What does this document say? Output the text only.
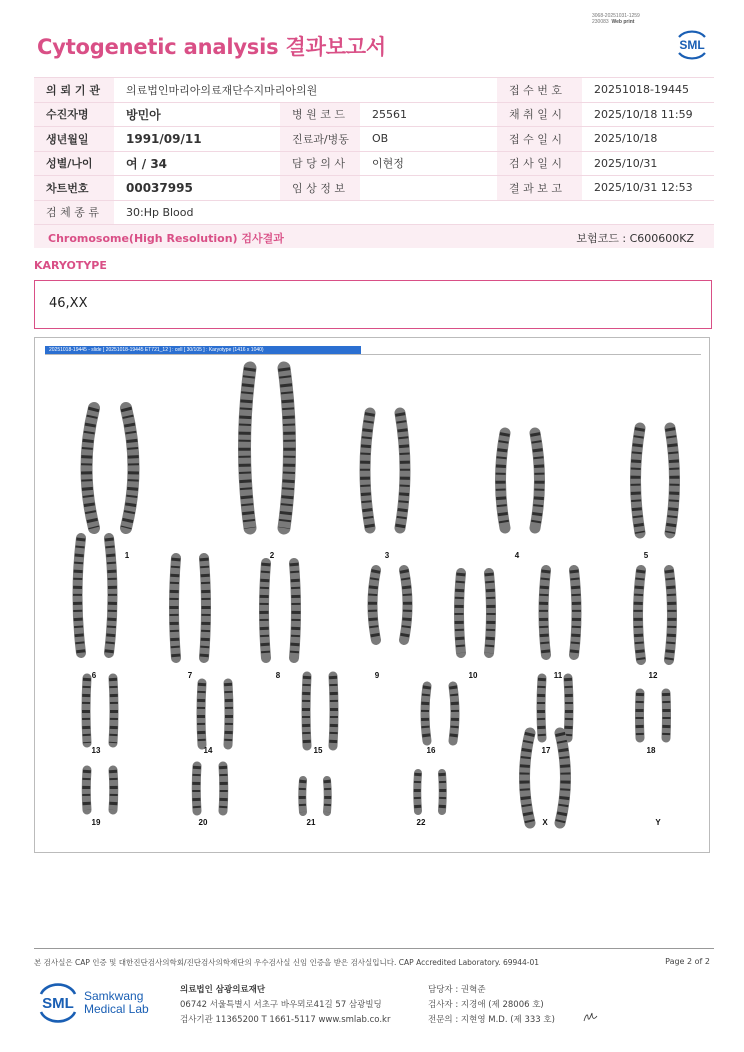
3068-20251031-1259
230083 Web print
Cytogenetic analysis 결과보고서	SML
의 뢰 기 관	의료법인마리아의료재단수지마리아의원			접 수 번 호	20251018-19445
수진자명	방민아	병 원 코 드	25561	채 취 일 시	2025/10/18 11:59
생년월일	1991/09/11	진료과/병동	OB	접 수 일 시	2025/10/18
성별/나이	여 / 34	담 당 의 사	이현정	검 사 일 시	2025/10/31
차트번호	00037995	임 상 정 보		결 과 보 고	2025/10/31 12:53
검 체 종 류	30:Hp Blood				
Chromosome(High Resolution) 검사결과	보험코드 : C600600KZ
KARYOTYPE
46,XX
20251018-19445 - slide [ 20251018-19445 ET721_12 ] : cell [ 30/105 ] : Karyotype (1416 x 1040)
1	2	3	4	5
6	7	8	9	10	11	12
13	14	15	16	17	18
19	20	21	22	X	Y
본 검사실은 CAP 인증 및 대한진단검사의학회/진단검사의학재단의 우수검사실 신임 인증을 받은 검사실입니다. CAP Accredited Laboratory. 69944-01	Page 2 of 2
SML Samkwang
Medical Lab
의료법인 삼광의료재단
06742 서울특별시 서초구 바우뫼로41길 57 삼광빌딩
검사기관 11365200 T 1661-5117 www.smlab.co.kr
담당자 : 권혁준
검사자 : 지경애 (제 28006 호)
전문의 : 지현영 M.D. (제 333 호)
